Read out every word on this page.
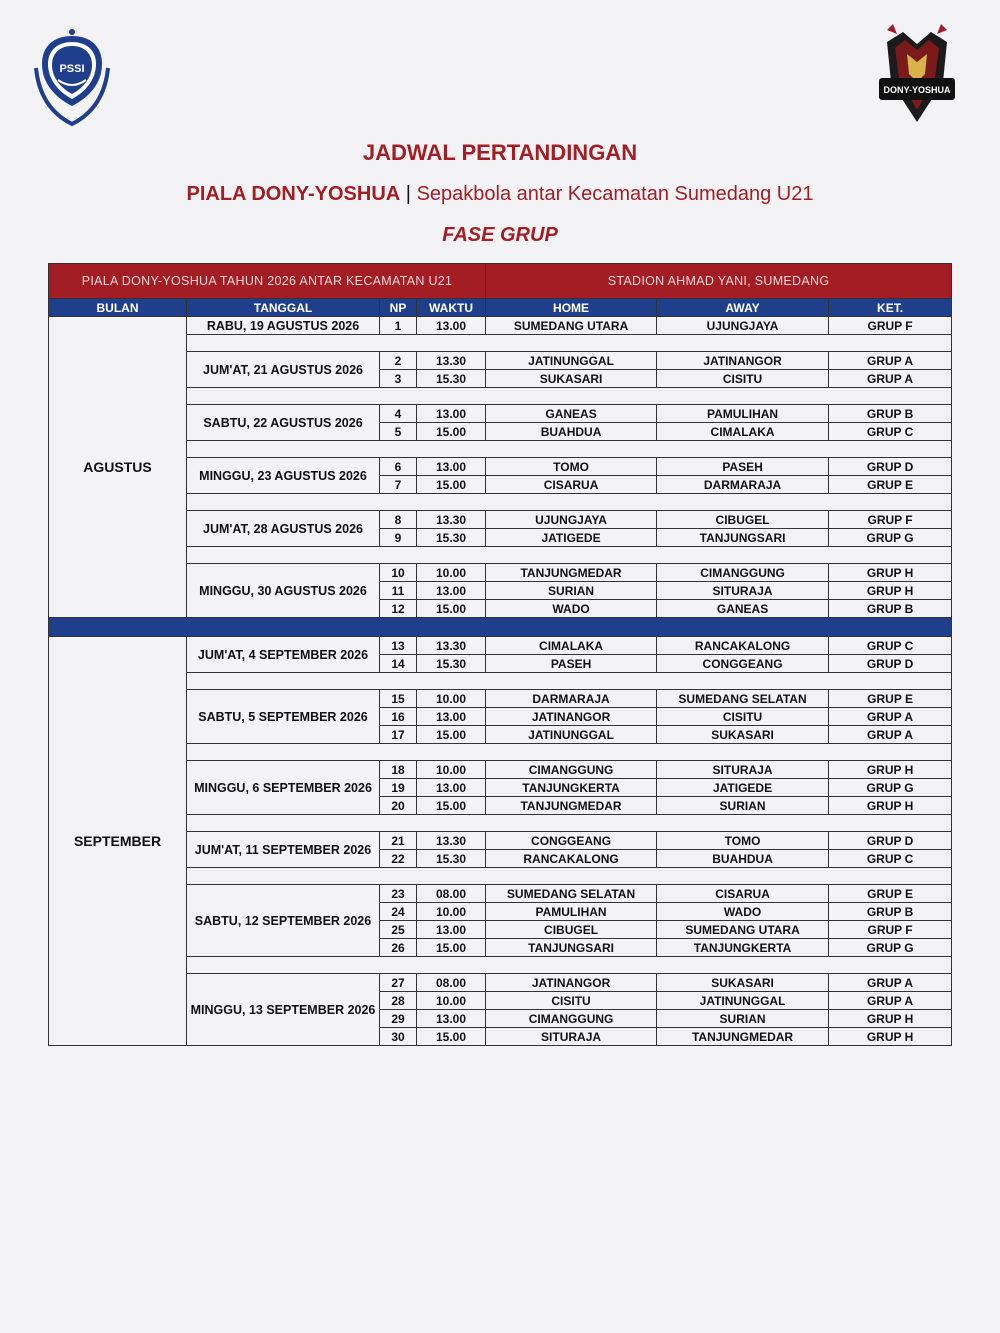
PSSI
DONY-YOSHUA
JADWAL PERTANDINGAN
PIALA DONY-YOSHUA | Sepakbola antar Kecamatan Sumedang U21
FASE GRUP
PIALA DONY-YOSHUA TAHUN 2026 ANTAR KECAMATAN U21				STADION AHMAD YANI, SUMEDANG		
BULAN	TANGGAL	NP	WAKTU	HOME	AWAY	KET.
AGUSTUS	RABU, 19 AGUSTUS 2026	1	13.00	SUMEDANG UTARA	UJUNGJAYA	GRUP F

	JUM'AT, 21 AGUSTUS 2026	2	13.30	JATINUNGGAL	JATINANGOR	GRUP A
		3	15.30	SUKASARI	CISITU	GRUP A

	SABTU, 22 AGUSTUS 2026	4	13.00	GANEAS	PAMULIHAN	GRUP B
		5	15.00	BUAHDUA	CIMALAKA	GRUP C

	MINGGU, 23 AGUSTUS 2026	6	13.00	TOMO	PASEH	GRUP D
		7	15.00	CISARUA	DARMARAJA	GRUP E

	JUM'AT, 28 AGUSTUS 2026	8	13.30	UJUNGJAYA	CIBUGEL	GRUP F
		9	15.30	JATIGEDE	TANJUNGSARI	GRUP G

	MINGGU, 30 AGUSTUS 2026	10	10.00	TANJUNGMEDAR	CIMANGGUNG	GRUP H
		11	13.00	SURIAN	SITURAJA	GRUP H
		12	15.00	WADO	GANEAS	GRUP B

SEPTEMBER	JUM'AT, 4 SEPTEMBER 2026	13	13.30	CIMALAKA	RANCAKALONG	GRUP C
		14	15.30	PASEH	CONGGEANG	GRUP D

	SABTU, 5 SEPTEMBER 2026	15	10.00	DARMARAJA	SUMEDANG SELATAN	GRUP E
		16	13.00	JATINANGOR	CISITU	GRUP A
		17	15.00	JATINUNGGAL	SUKASARI	GRUP A

	MINGGU, 6 SEPTEMBER 2026	18	10.00	CIMANGGUNG	SITURAJA	GRUP H
		19	13.00	TANJUNGKERTA	JATIGEDE	GRUP G
		20	15.00	TANJUNGMEDAR	SURIAN	GRUP H

	JUM'AT, 11 SEPTEMBER 2026	21	13.30	CONGGEANG	TOMO	GRUP D
		22	15.30	RANCAKALONG	BUAHDUA	GRUP C

	SABTU, 12 SEPTEMBER 2026	23	08.00	SUMEDANG SELATAN	CISARUA	GRUP E
		24	10.00	PAMULIHAN	WADO	GRUP B
		25	13.00	CIBUGEL	SUMEDANG UTARA	GRUP F
		26	15.00	TANJUNGSARI	TANJUNGKERTA	GRUP G

	MINGGU, 13 SEPTEMBER 2026	27	08.00	JATINANGOR	SUKASARI	GRUP A
		28	10.00	CISITU	JATINUNGGAL	GRUP A
		29	13.00	CIMANGGUNG	SURIAN	GRUP H
		30	15.00	SITURAJA	TANJUNGMEDAR	GRUP H
